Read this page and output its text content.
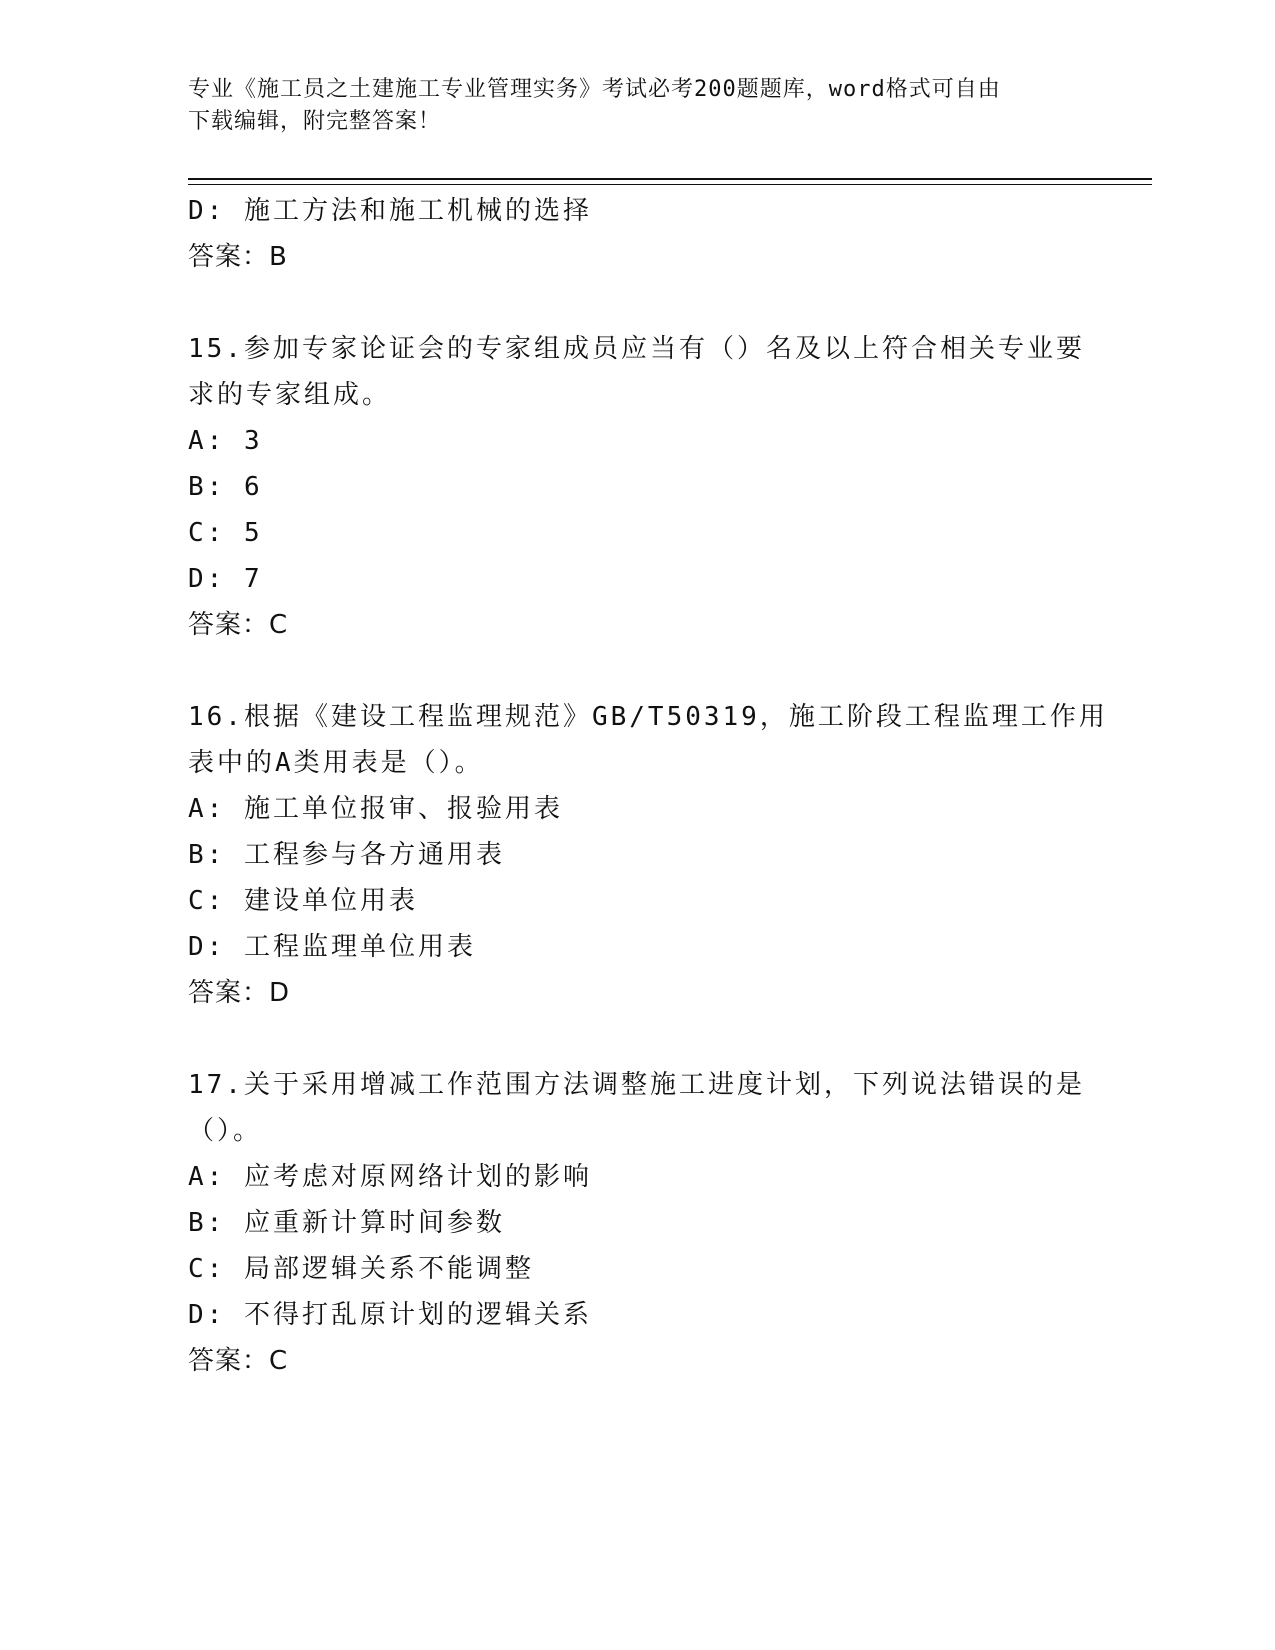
专业《施工员之土建施工专业管理实务》考试必考200题题库，word格式可自由
下载编辑，附完整答案！
D: 施工方法和施工机械的选择
答案：B
15.参加专家论证会的专家组成员应当有（）名及以上符合相关专业要
求的专家组成。
A: 3
B: 6
C: 5
D: 7
答案：C
16.根据《建设工程监理规范》GB/T50319，施工阶段工程监理工作用
表中的A类用表是（）。
A: 施工单位报审、报验用表
B: 工程参与各方通用表
C: 建设单位用表
D: 工程监理单位用表
答案：D
17.关于采用增减工作范围方法调整施工进度计划，下列说法错误的是
（）。
A: 应考虑对原网络计划的影响
B: 应重新计算时间参数
C: 局部逻辑关系不能调整
D: 不得打乱原计划的逻辑关系
答案：C
